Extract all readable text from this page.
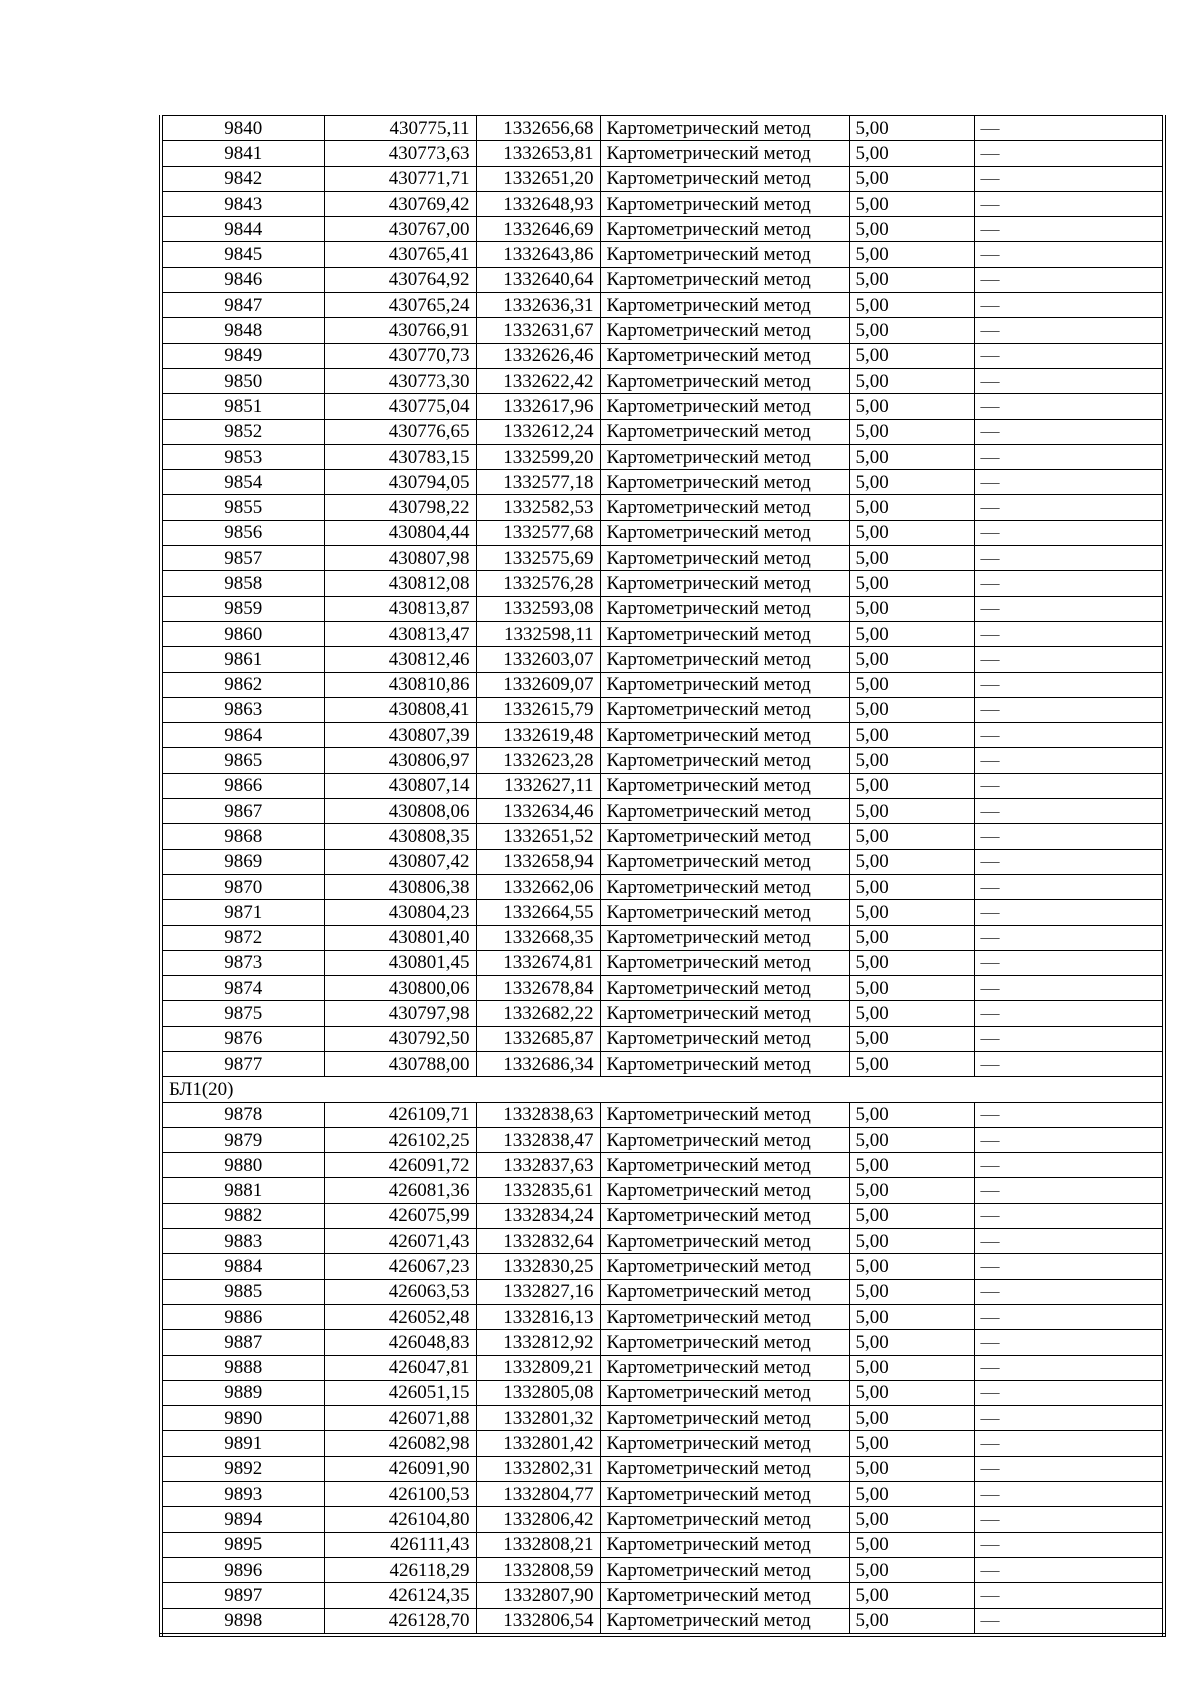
9840	430775,11	1332656,68	Картометрический метод	5,00	—
9841	430773,63	1332653,81	Картометрический метод	5,00	—
9842	430771,71	1332651,20	Картометрический метод	5,00	—
9843	430769,42	1332648,93	Картометрический метод	5,00	—
9844	430767,00	1332646,69	Картометрический метод	5,00	—
9845	430765,41	1332643,86	Картометрический метод	5,00	—
9846	430764,92	1332640,64	Картометрический метод	5,00	—
9847	430765,24	1332636,31	Картометрический метод	5,00	—
9848	430766,91	1332631,67	Картометрический метод	5,00	—
9849	430770,73	1332626,46	Картометрический метод	5,00	—
9850	430773,30	1332622,42	Картометрический метод	5,00	—
9851	430775,04	1332617,96	Картометрический метод	5,00	—
9852	430776,65	1332612,24	Картометрический метод	5,00	—
9853	430783,15	1332599,20	Картометрический метод	5,00	—
9854	430794,05	1332577,18	Картометрический метод	5,00	—
9855	430798,22	1332582,53	Картометрический метод	5,00	—
9856	430804,44	1332577,68	Картометрический метод	5,00	—
9857	430807,98	1332575,69	Картометрический метод	5,00	—
9858	430812,08	1332576,28	Картометрический метод	5,00	—
9859	430813,87	1332593,08	Картометрический метод	5,00	—
9860	430813,47	1332598,11	Картометрический метод	5,00	—
9861	430812,46	1332603,07	Картометрический метод	5,00	—
9862	430810,86	1332609,07	Картометрический метод	5,00	—
9863	430808,41	1332615,79	Картометрический метод	5,00	—
9864	430807,39	1332619,48	Картометрический метод	5,00	—
9865	430806,97	1332623,28	Картометрический метод	5,00	—
9866	430807,14	1332627,11	Картометрический метод	5,00	—
9867	430808,06	1332634,46	Картометрический метод	5,00	—
9868	430808,35	1332651,52	Картометрический метод	5,00	—
9869	430807,42	1332658,94	Картометрический метод	5,00	—
9870	430806,38	1332662,06	Картометрический метод	5,00	—
9871	430804,23	1332664,55	Картометрический метод	5,00	—
9872	430801,40	1332668,35	Картометрический метод	5,00	—
9873	430801,45	1332674,81	Картометрический метод	5,00	—
9874	430800,06	1332678,84	Картометрический метод	5,00	—
9875	430797,98	1332682,22	Картометрический метод	5,00	—
9876	430792,50	1332685,87	Картометрический метод	5,00	—
9877	430788,00	1332686,34	Картометрический метод	5,00	—
БЛ1(20)					
9878	426109,71	1332838,63	Картометрический метод	5,00	—
9879	426102,25	1332838,47	Картометрический метод	5,00	—
9880	426091,72	1332837,63	Картометрический метод	5,00	—
9881	426081,36	1332835,61	Картометрический метод	5,00	—
9882	426075,99	1332834,24	Картометрический метод	5,00	—
9883	426071,43	1332832,64	Картометрический метод	5,00	—
9884	426067,23	1332830,25	Картометрический метод	5,00	—
9885	426063,53	1332827,16	Картометрический метод	5,00	—
9886	426052,48	1332816,13	Картометрический метод	5,00	—
9887	426048,83	1332812,92	Картометрический метод	5,00	—
9888	426047,81	1332809,21	Картометрический метод	5,00	—
9889	426051,15	1332805,08	Картометрический метод	5,00	—
9890	426071,88	1332801,32	Картометрический метод	5,00	—
9891	426082,98	1332801,42	Картометрический метод	5,00	—
9892	426091,90	1332802,31	Картометрический метод	5,00	—
9893	426100,53	1332804,77	Картометрический метод	5,00	—
9894	426104,80	1332806,42	Картометрический метод	5,00	—
9895	426111,43	1332808,21	Картометрический метод	5,00	—
9896	426118,29	1332808,59	Картометрический метод	5,00	—
9897	426124,35	1332807,90	Картометрический метод	5,00	—
9898	426128,70	1332806,54	Картометрический метод	5,00	—
